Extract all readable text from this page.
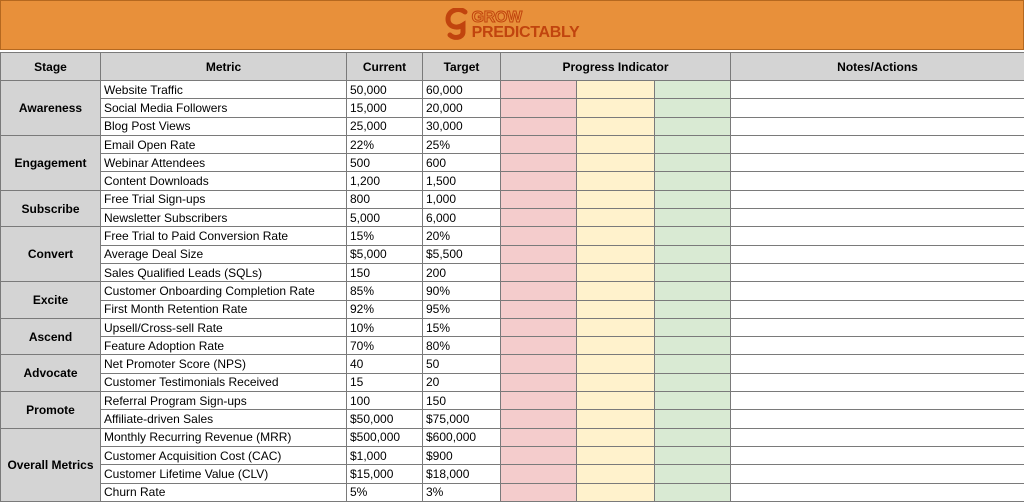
GROW
PREDICTABLY
Stage	Metric	Current	Target	Progress Indicator			Notes/Actions
Awareness	Website Traffic	50,000	60,000				
	Social Media Followers	15,000	20,000				
	Blog Post Views	25,000	30,000				
Engagement	Email Open Rate	22%	25%				
	Webinar Attendees	500	600				
	Content Downloads	1,200	1,500				
Subscribe	Free Trial Sign-ups	800	1,000				
	Newsletter Subscribers	5,000	6,000				
Convert	Free Trial to Paid Conversion Rate	15%	20%				
	Average Deal Size	$5,000	$5,500				
	Sales Qualified Leads (SQLs)	150	200				
Excite	Customer Onboarding Completion Rate	85%	90%				
	First Month Retention Rate	92%	95%				
Ascend	Upsell/Cross-sell Rate	10%	15%				
	Feature Adoption Rate	70%	80%				
Advocate	Net Promoter Score (NPS)	40	50				
	Customer Testimonials Received	15	20				
Promote	Referral Program Sign-ups	100	150				
	Affiliate-driven Sales	$50,000	$75,000				
Overall Metrics	Monthly Recurring Revenue (MRR)	$500,000	$600,000				
	Customer Acquisition Cost (CAC)	$1,000	$900				
	Customer Lifetime Value (CLV)	$15,000	$18,000				
	Churn Rate	5%	3%				
